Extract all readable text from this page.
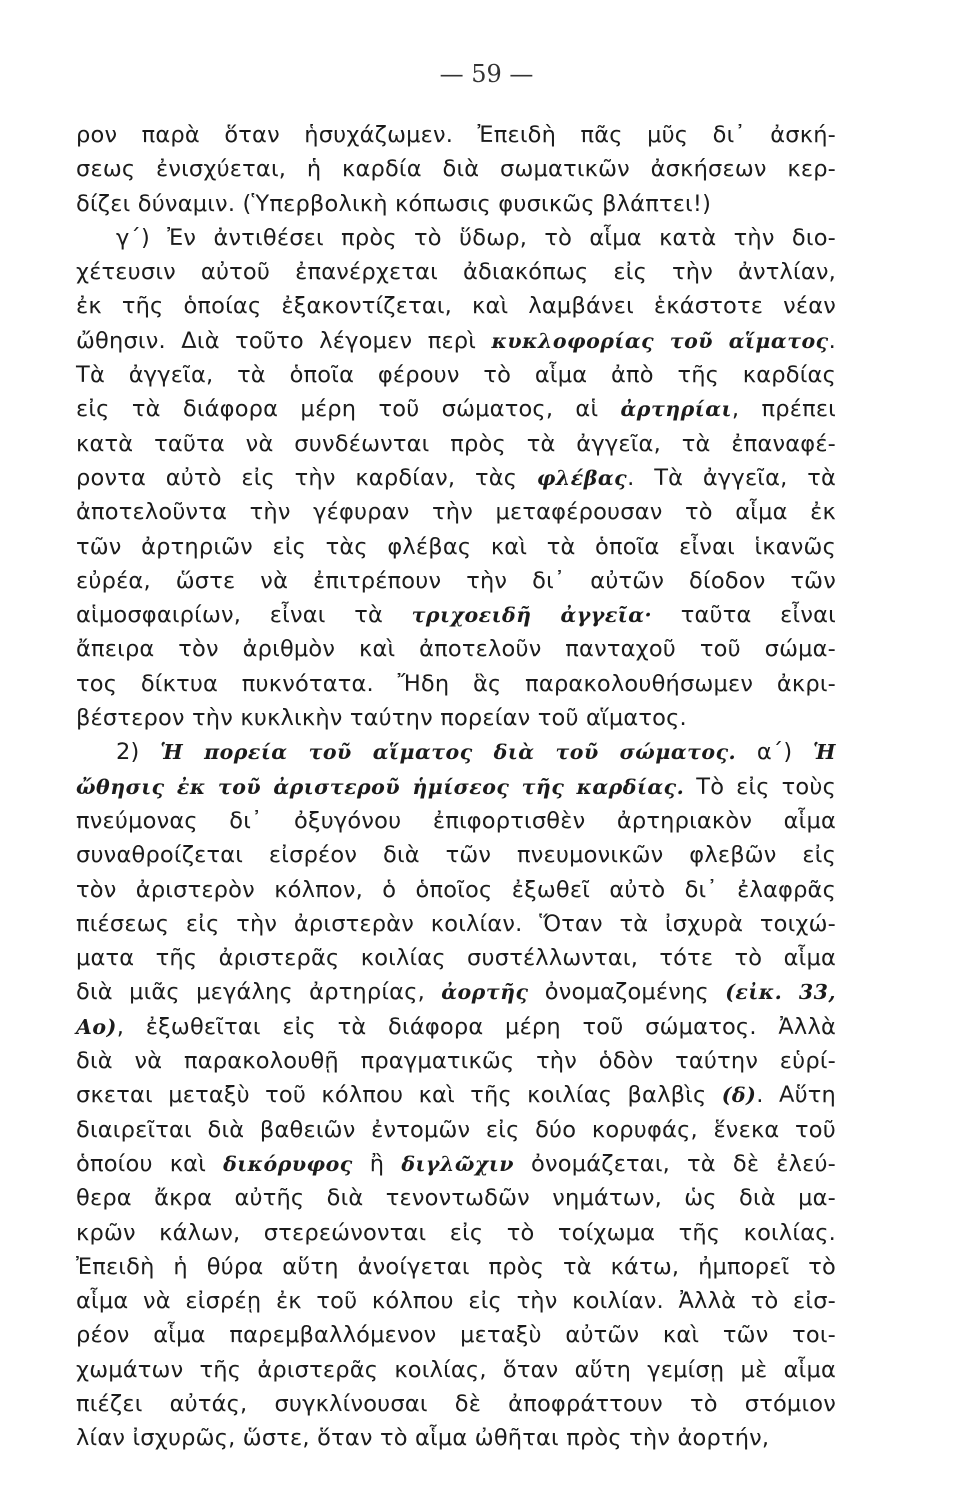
— 59 —
ρον παρὰ ὅταν ἡσυχάζωμεν. Ἐπειδὴ πᾶς μῦς δι᾽ ἀσκή-
σεως ἐνισχύεται, ἡ καρδία διὰ σωματικῶν ἀσκήσεων κερ-
δίζει δύναμιν. (Ὑπερβολικὴ κόπωσις φυσικῶς βλάπτει!)
γ´) Ἐν ἀντιθέσει πρὸς τὸ ὕδωρ, τὸ αἷμα κατὰ τὴν διο-
χέτευσιν αὐτοῦ ἐπανέρχεται ἀδιακόπως εἰς τὴν ἀντλίαν,
ἐκ τῆς ὁποίας ἐξακοντίζεται, καὶ λαμβάνει ἑκάστοτε νέαν
ὤθησιν. Διὰ τοῦτο λέγομεν περὶ κυκλοφορίας τοῦ αἵματος.
Τὰ ἀγγεῖα, τὰ ὁποῖα φέρουν τὸ αἷμα ἀπὸ τῆς καρδίας
εἰς τὰ διάφορα μέρη τοῦ σώματος, αἱ ἀρτηρίαι, πρέπει
κατὰ ταῦτα νὰ συνδέωνται πρὸς τὰ ἀγγεῖα, τὰ ἐπαναφέ-
ροντα αὐτὸ εἰς τὴν καρδίαν, τὰς φλέβας. Τὰ ἀγγεῖα, τὰ
ἀποτελοῦντα τὴν γέφυραν τὴν μεταφέρουσαν τὸ αἷμα ἐκ
τῶν ἀρτηριῶν εἰς τὰς φλέβας καὶ τὰ ὁποῖα εἶναι ἱκανῶς
εὐρέα, ὥστε νὰ ἐπιτρέπουν τὴν δι᾽ αὐτῶν δίοδον τῶν
αἱμοσφαιρίων, εἶναι τὰ τριχοειδῆ ἀγγεῖα· ταῦτα εἶναι
ἄπειρα τὸν ἀριθμὸν καὶ ἀποτελοῦν πανταχοῦ τοῦ σώμα-
τος δίκτυα πυκνότατα. Ἤδη ἃς παρακολουθήσωμεν ἀκρι-
βέστερον τὴν κυκλικὴν ταύτην πορείαν τοῦ αἵματος.
2) Ἡ πορεία τοῦ αἵματος διὰ τοῦ σώματος. α´) Ἡ
ὤθησις ἐκ τοῦ ἀριστεροῦ ἡμίσεος τῆς καρδίας. Τὸ εἰς τοὺς
πνεύμονας δι᾽ ὀξυγόνου ἐπιφορτισθὲν ἀρτηριακὸν αἷμα
συναθροίζεται εἰσρέον διὰ τῶν πνευμονικῶν φλεβῶν εἰς
τὸν ἀριστερὸν κόλπον, ὁ ὁποῖος ἐξωθεῖ αὐτὸ δι᾽ ἐλαφρᾶς
πιέσεως εἰς τὴν ἀριστερὰν κοιλίαν. Ὅταν τὰ ἰσχυρὰ τοιχώ-
ματα τῆς ἀριστερᾶς κοιλίας συστέλλωνται, τότε τὸ αἷμα
διὰ μιᾶς μεγάλης ἀρτηρίας, ἀορτῆς ὀνομαζομένης (εἰκ. 33,
Αο), ἐξωθεῖται εἰς τὰ διάφορα μέρη τοῦ σώματος. Ἀλλὰ
διὰ νὰ παρακολουθῇ πραγματικῶς τὴν ὁδὸν ταύτην εὑρί-
σκεται μεταξὺ τοῦ κόλπου καὶ τῆς κοιλίας βαλβὶς (δ). Αὕτη
διαιρεῖται διὰ βαθειῶν ἐντομῶν εἰς δύο κορυφάς, ἕνεκα τοῦ
ὁποίου καὶ δικόρυφος ἢ διγλῶχιν ὀνομάζεται, τὰ δὲ ἐλεύ-
θερα ἄκρα αὐτῆς διὰ τενοντωδῶν νημάτων, ὡς διὰ μα-
κρῶν κάλων, στερεώνονται εἰς τὸ τοίχωμα τῆς κοιλίας.
Ἐπειδὴ ἡ θύρα αὕτη ἀνοίγεται πρὸς τὰ κάτω, ἠμπορεῖ τὸ
αἷμα νὰ εἰσρέῃ ἐκ τοῦ κόλπου εἰς τὴν κοιλίαν. Ἀλλὰ τὸ εἰσ-
ρέον αἷμα παρεμβαλλόμενον μεταξὺ αὐτῶν καὶ τῶν τοι-
χωμάτων τῆς ἀριστερᾶς κοιλίας, ὅταν αὕτη γεμίσῃ μὲ αἷμα
πιέζει αὐτάς, συγκλίνουσαι δὲ ἀποφράττουν τὸ στόμιον
λίαν ἰσχυρῶς, ὥστε, ὅταν τὸ αἷμα ὠθῆται πρὸς τὴν ἀορτήν,
